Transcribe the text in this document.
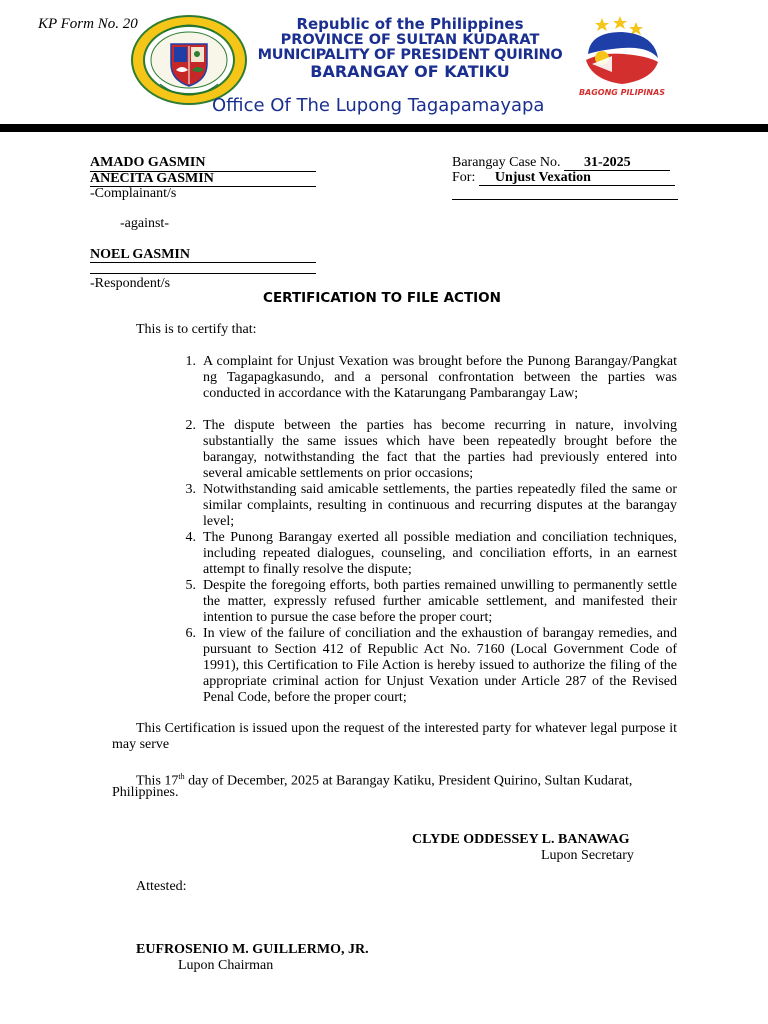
KP Form No. 20
BAGONG PILIPINAS
Republic of the Philippines
PROVINCE OF SULTAN KUDARAT
MUNICIPALITY OF PRESIDENT QUIRINO
BARANGAY OF KATIKU
Office Of The Lupong Tagapamayapa
AMADO GASMIN
ANECITA GASMIN
-Complainant/s
-against-
NOEL GASMIN
-Respondent/s
Barangay Case No. 31-2025
For: Unjust Vexation
CERTIFICATION TO FILE ACTION
This is to certify that:
1. A complaint for Unjust Vexation was brought before the Punong Barangay/Pangkat ng Tagapagkasundo, and a personal confrontation between the parties was conducted in accordance with the Katarungang Pambarangay Law;
2. The dispute between the parties has become recurring in nature, involving substantially the same issues which have been repeatedly brought before the barangay, notwithstanding the fact that the parties had previously entered into several amicable settlements on prior occasions;
3. Notwithstanding said amicable settlements, the parties repeatedly filed the same or similar complaints, resulting in continuous and recurring disputes at the barangay level;
4. The Punong Barangay exerted all possible mediation and conciliation techniques, including repeated dialogues, counseling, and conciliation efforts, in an earnest attempt to finally resolve the dispute;
5. Despite the foregoing efforts, both parties remained unwilling to permanently settle the matter, expressly refused further amicable settlement, and manifested their intention to pursue the case before the proper court;
6. In view of the failure of conciliation and the exhaustion of barangay remedies, and pursuant to Section 412 of Republic Act No. 7160 (Local Government Code of 1991), this Certification to File Action is hereby issued to authorize the filing of the appropriate criminal action for Unjust Vexation under Article 287 of the Revised Penal Code, before the proper court;
This Certification is issued upon the request of the interested party for whatever legal purpose it may serve
This 17th day of December, 2025 at Barangay Katiku, President Quirino, Sultan Kudarat,
Philippines.
CLYDE ODDESSEY L. BANAWAG
Lupon Secretary
Attested:
EUFROSENIO M. GUILLERMO, JR.
Lupon Chairman
